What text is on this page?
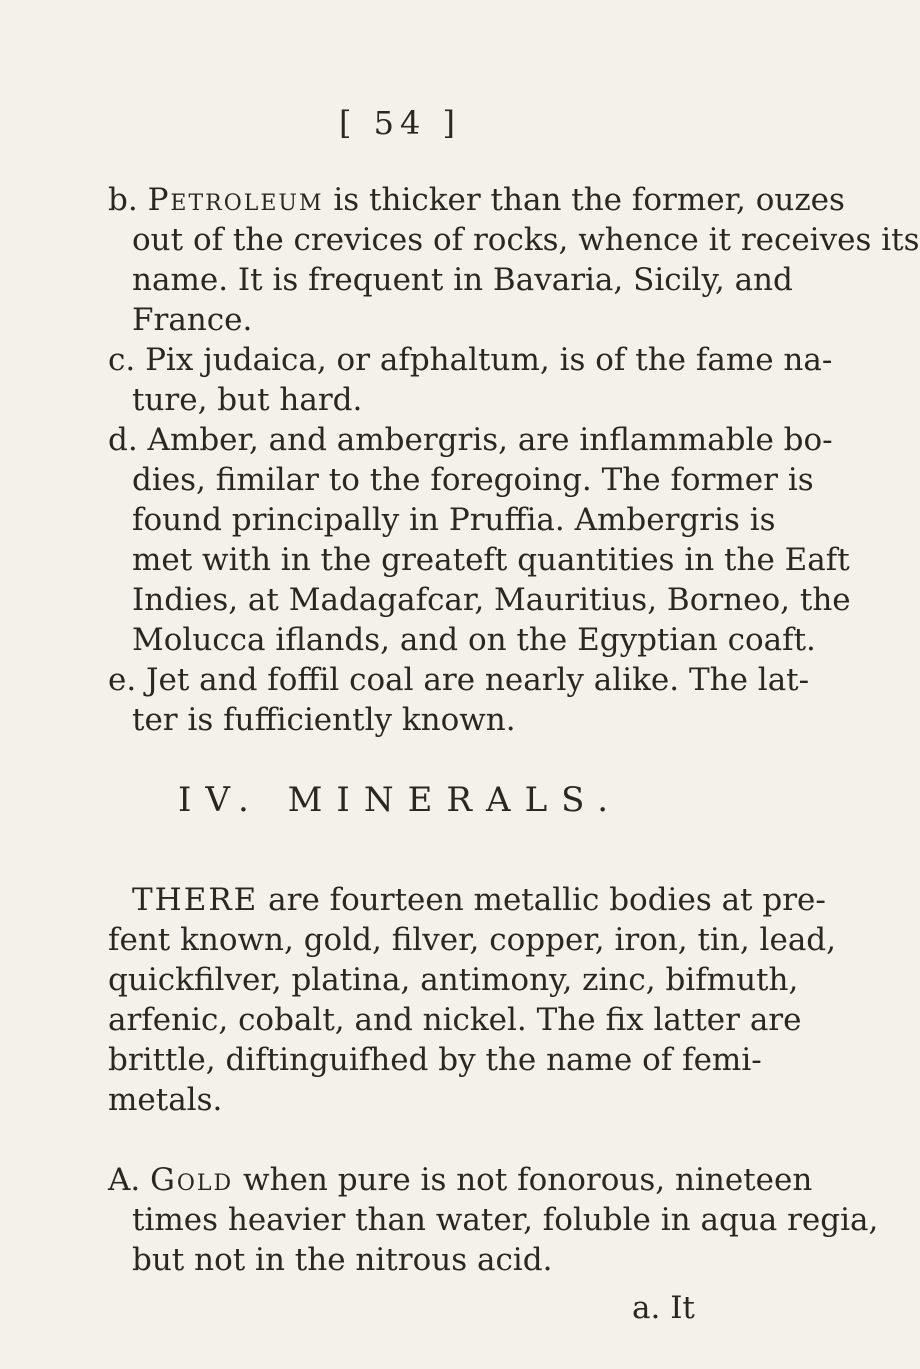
[ 54 ]
b. Petroleum is thicker than the former, ouzes
out of the crevices of rocks, whence it receives its
name. It is frequent in Bavaria, Sicily, and
France.
c. Pix judaica, or afphaltum, is of the fame na-
ture, but hard.
d. Amber, and ambergris, are inflammable bo-
dies, fimilar to the foregoing. The former is
found principally in Pruffia. Ambergris is
met with in the greateft quantities in the Eaft
Indies, at Madagafcar, Mauritius, Borneo, the
Molucca iflands, and on the Egyptian coaft.
e. Jet and foffil coal are nearly alike. The lat-
ter is fufficiently known.
IV. MINERALS.
THERE are fourteen metallic bodies at pre-
fent known, gold, filver, copper, iron, tin, lead,
quickfilver, platina, antimony, zinc, bifmuth,
arfenic, cobalt, and nickel. The fix latter are
brittle, diftinguifhed by the name of femi-
metals.
A. Gold when pure is not fonorous, nineteen
times heavier than water, foluble in aqua regia,
but not in the nitrous acid.
a. It
